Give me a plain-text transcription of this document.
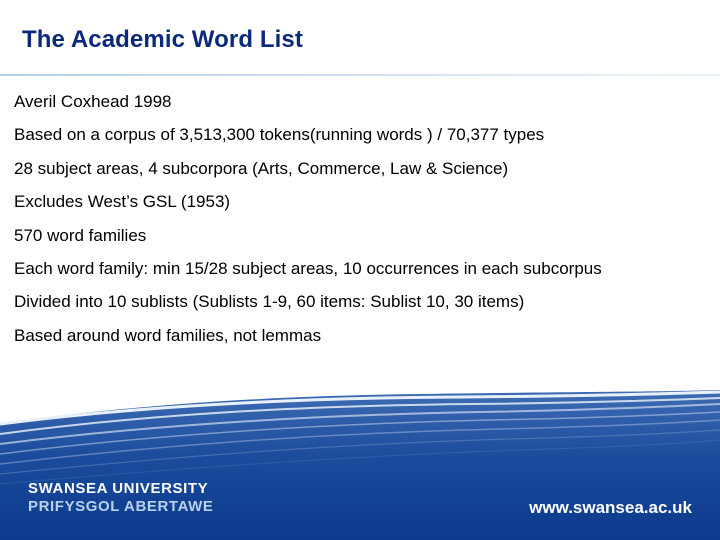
The Academic Word List
Averil Coxhead 1998
Based on a corpus of 3,513,300 tokens(running words ) / 70,377 types
28 subject areas, 4 subcorpora (Arts, Commerce, Law & Science)
Excludes West’s GSL (1953)
570 word families
Each word family: min 15/28 subject areas, 10 occurrences in each subcorpus
Divided into 10 sublists (Sublists 1-9, 60 items: Sublist 10, 30 items)
Based around word families, not lemmas
SWANSEA UNIVERSITY
PRIFYSGOL ABERTAWE	www.swansea.ac.uk
